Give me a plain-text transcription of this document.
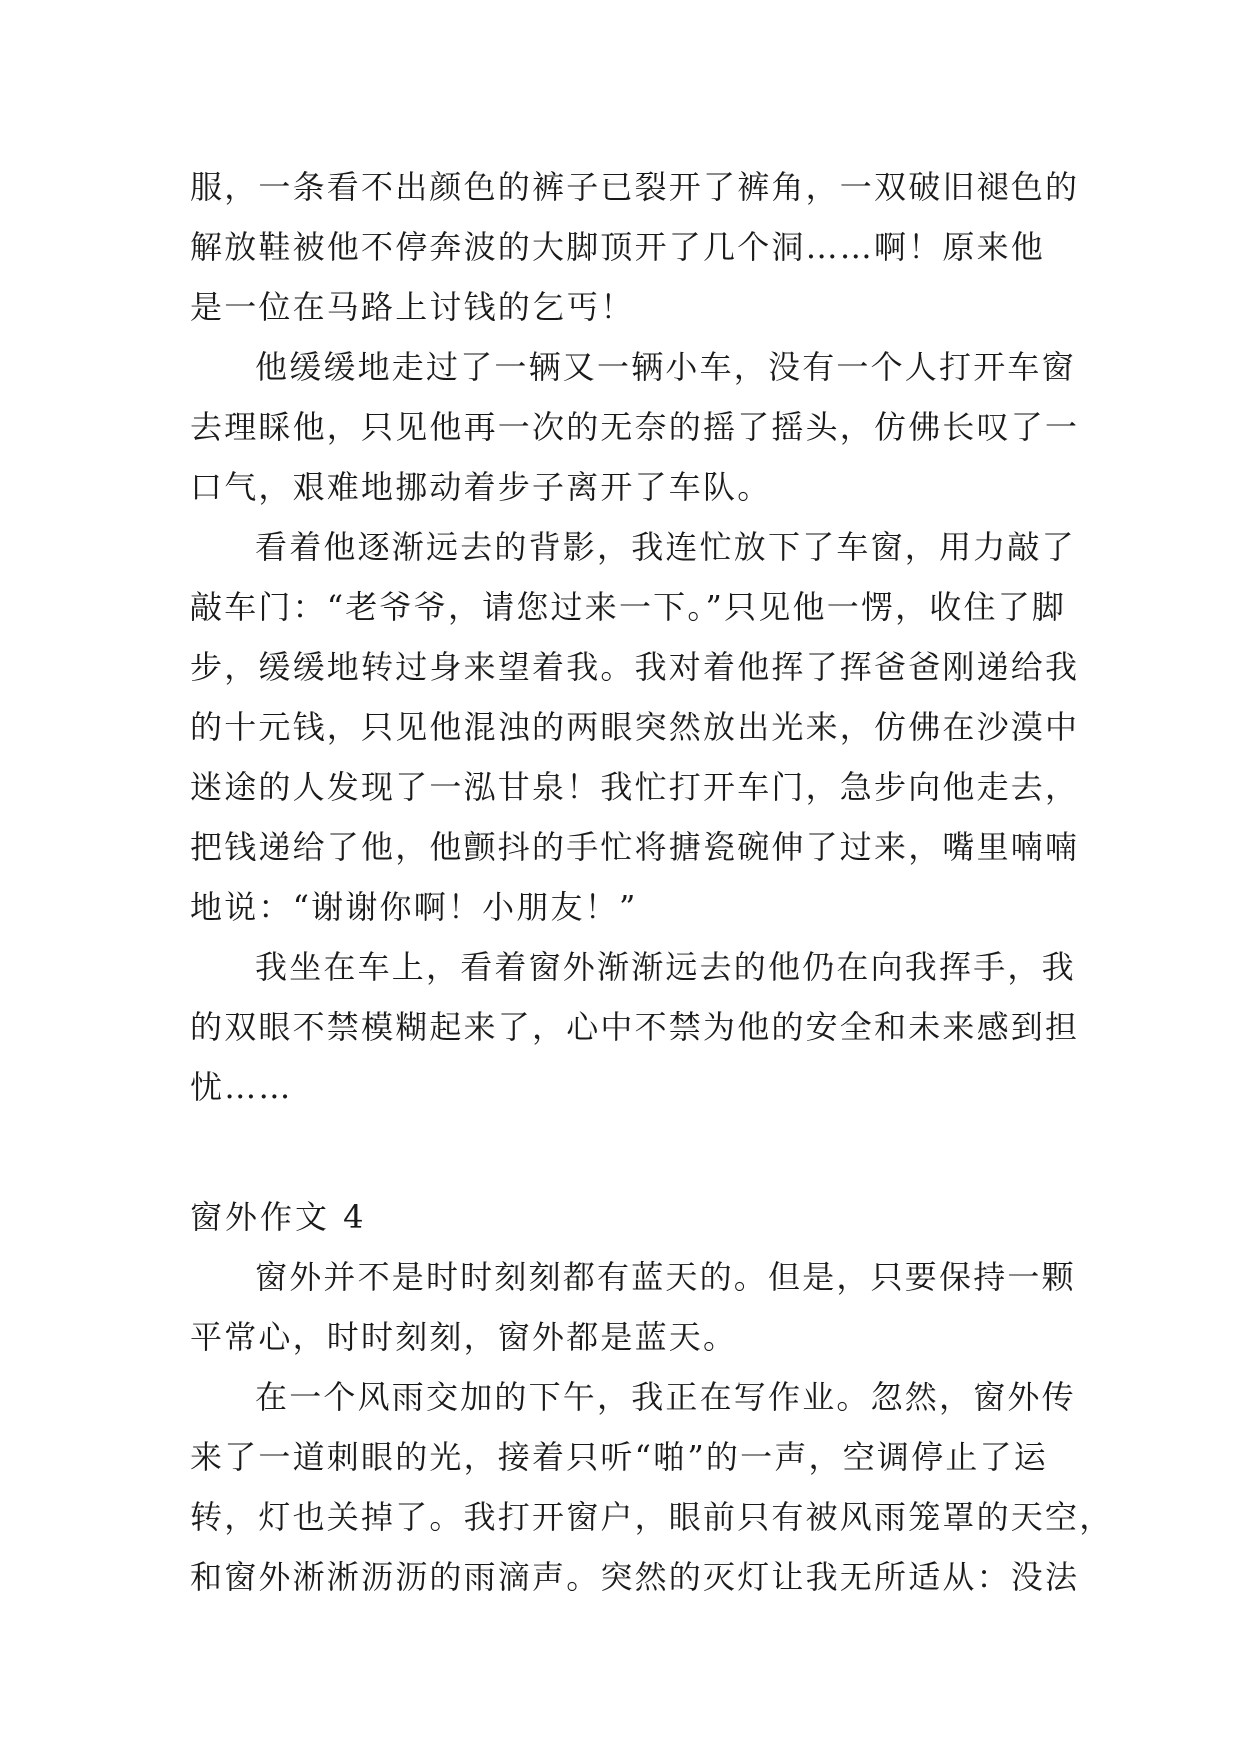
服，一条看不出颜色的裤子已裂开了裤角，一双破旧褪色的
解放鞋被他不停奔波的大脚顶开了几个洞……啊！原来他
是一位在马路上讨钱的乞丐！
他缓缓地走过了一辆又一辆小车，没有一个人打开车窗
去理睬他，只见他再一次的无奈的摇了摇头，仿佛长叹了一
口气，艰难地挪动着步子离开了车队。
看着他逐渐远去的背影，我连忙放下了车窗，用力敲了
敲车门：“老爷爷，请您过来一下。”只见他一愣，收住了脚
步，缓缓地转过身来望着我。我对着他挥了挥爸爸刚递给我
的十元钱，只见他混浊的两眼突然放出光来，仿佛在沙漠中
迷途的人发现了一泓甘泉！我忙打开车门，急步向他走去，
把钱递给了他，他颤抖的手忙将搪瓷碗伸了过来，嘴里喃喃
地说：“谢谢你啊！小朋友！”
我坐在车上，看着窗外渐渐远去的他仍在向我挥手，我
的双眼不禁模糊起来了，心中不禁为他的安全和未来感到担
忧……
窗外作文 4
窗外并不是时时刻刻都有蓝天的。但是，只要保持一颗
平常心，时时刻刻，窗外都是蓝天。
在一个风雨交加的下午，我正在写作业。忽然，窗外传
来了一道刺眼的光，接着只听“啪”的一声，空调停止了运
转，灯也关掉了。我打开窗户，眼前只有被风雨笼罩的天空，
和窗外淅淅沥沥的雨滴声。突然的灭灯让我无所适从：没法
